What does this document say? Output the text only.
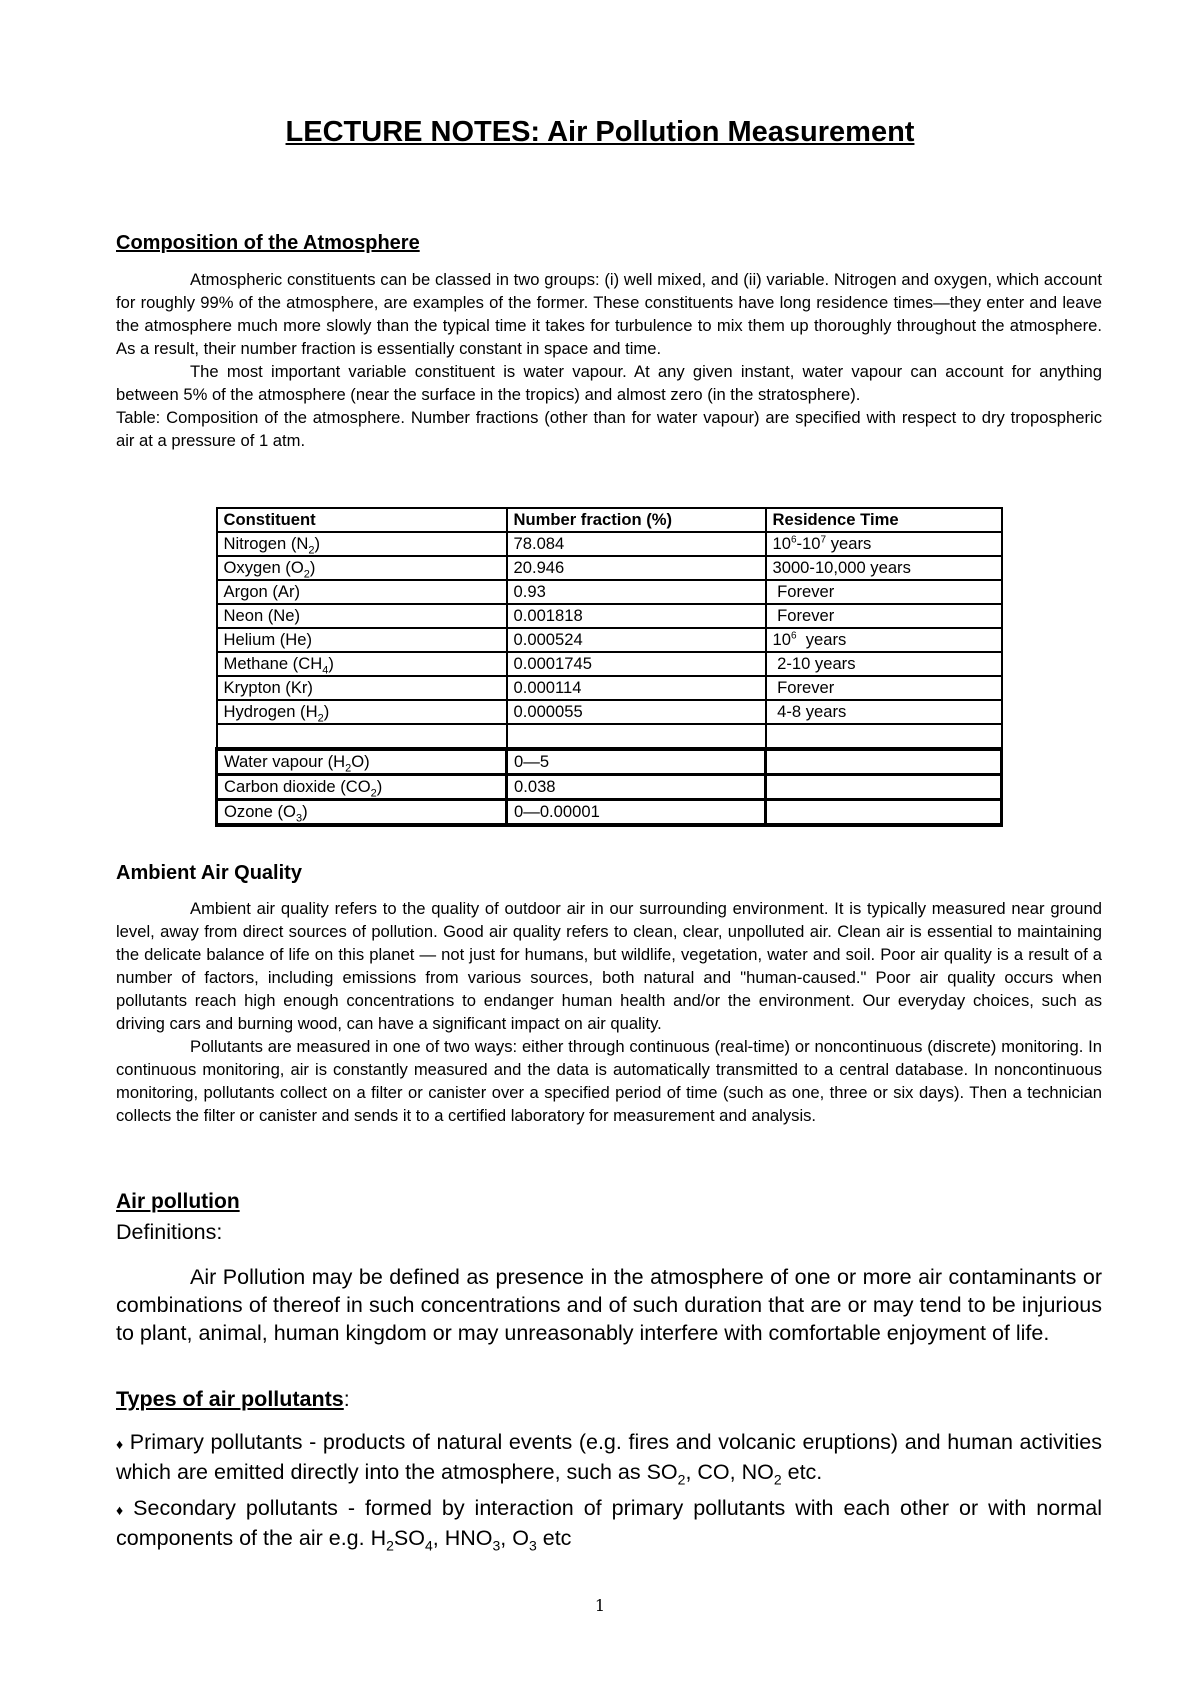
LECTURE NOTES: Air Pollution Measurement
Composition of the Atmosphere

Atmospheric constituents can be classed in two groups: (i) well mixed, and (ii) variable. Nitrogen and oxygen, which account for roughly 99% of the atmosphere, are examples of the former. These constituents have long residence times—they enter and leave the atmosphere much more slowly than the typical time it takes for turbulence to mix them up thoroughly throughout the atmosphere. As a result, their number fraction is essentially constant in space and time.

The most important variable constituent is water vapour. At any given instant, water vapour can account for anything between 5% of the atmosphere (near the surface in the tropics) and almost zero (in the stratosphere).

Table: Composition of the atmosphere. Number fractions (other than for water vapour) are specified with respect to dry tropospheric air at a pressure of 1 atm.

Constituent	Number fraction (%)	Residence Time
Nitrogen $(N_2)$	78.084	$10^6-10^7$ years
Oxygen $(O_2)$	20.946	3000-10,000 years
Argon (Ar)	0.93	Forever
Neon (Ne)	0.001818	Forever
Helium (He)	0.000524	$10^6$  years
Methane $(CH_4)$	0.0001745	2-10 years
Krypton (Kr)	0.000114	Forever
Hydrogen $(H_2)$	0.000055	4-8 years

Water vapour $(H_2O)$	0—5	
Carbon dioxide $(CO_2)$	0.038	
Ozone $(O_3)$	0—0.00001	
Ambient Air Quality

Ambient air quality refers to the quality of outdoor air in our surrounding environment. It is typically measured near ground level, away from direct sources of pollution. Good air quality refers to clean, clear, unpolluted air. Clean air is essential to maintaining the delicate balance of life on this planet — not just for humans, but wildlife, vegetation, water and soil. Poor air quality is a result of a number of factors, including emissions from various sources, both natural and "human-caused." Poor air quality occurs when pollutants reach high enough concentrations to endanger human health and/or the environment. Our everyday choices, such as driving cars and burning wood, can have a significant impact on air quality.

Pollutants are measured in one of two ways: either through continuous (real-time) or noncontinuous (discrete) monitoring. In continuous monitoring, air is constantly measured and the data is automatically transmitted to a central database. In noncontinuous monitoring, pollutants collect on a filter or canister over a specified period of time (such as one, three or six days). Then a technician collects the filter or canister and sends it to a certified laboratory for measurement and analysis.

Air pollution
Definitions:

Air Pollution may be defined as presence in the atmosphere of one or more air contaminants or combinations of thereof in such concentrations and of such duration that are or may tend to be injurious to plant, animal, human kingdom or may unreasonably interfere with comfortable enjoyment of life.

Types of air pollutants:

♦ Primary pollutants - products of natural events (e.g. fires and volcanic eruptions) and human activities which are emitted directly into the atmosphere, such as $SO_2$, CO, $NO_2$ etc.

♦ Secondary pollutants - formed by interaction of primary pollutants with each other or with normal components of the air e.g. $H_2SO_4$, $HNO_3$, $O_3$ etc

1
